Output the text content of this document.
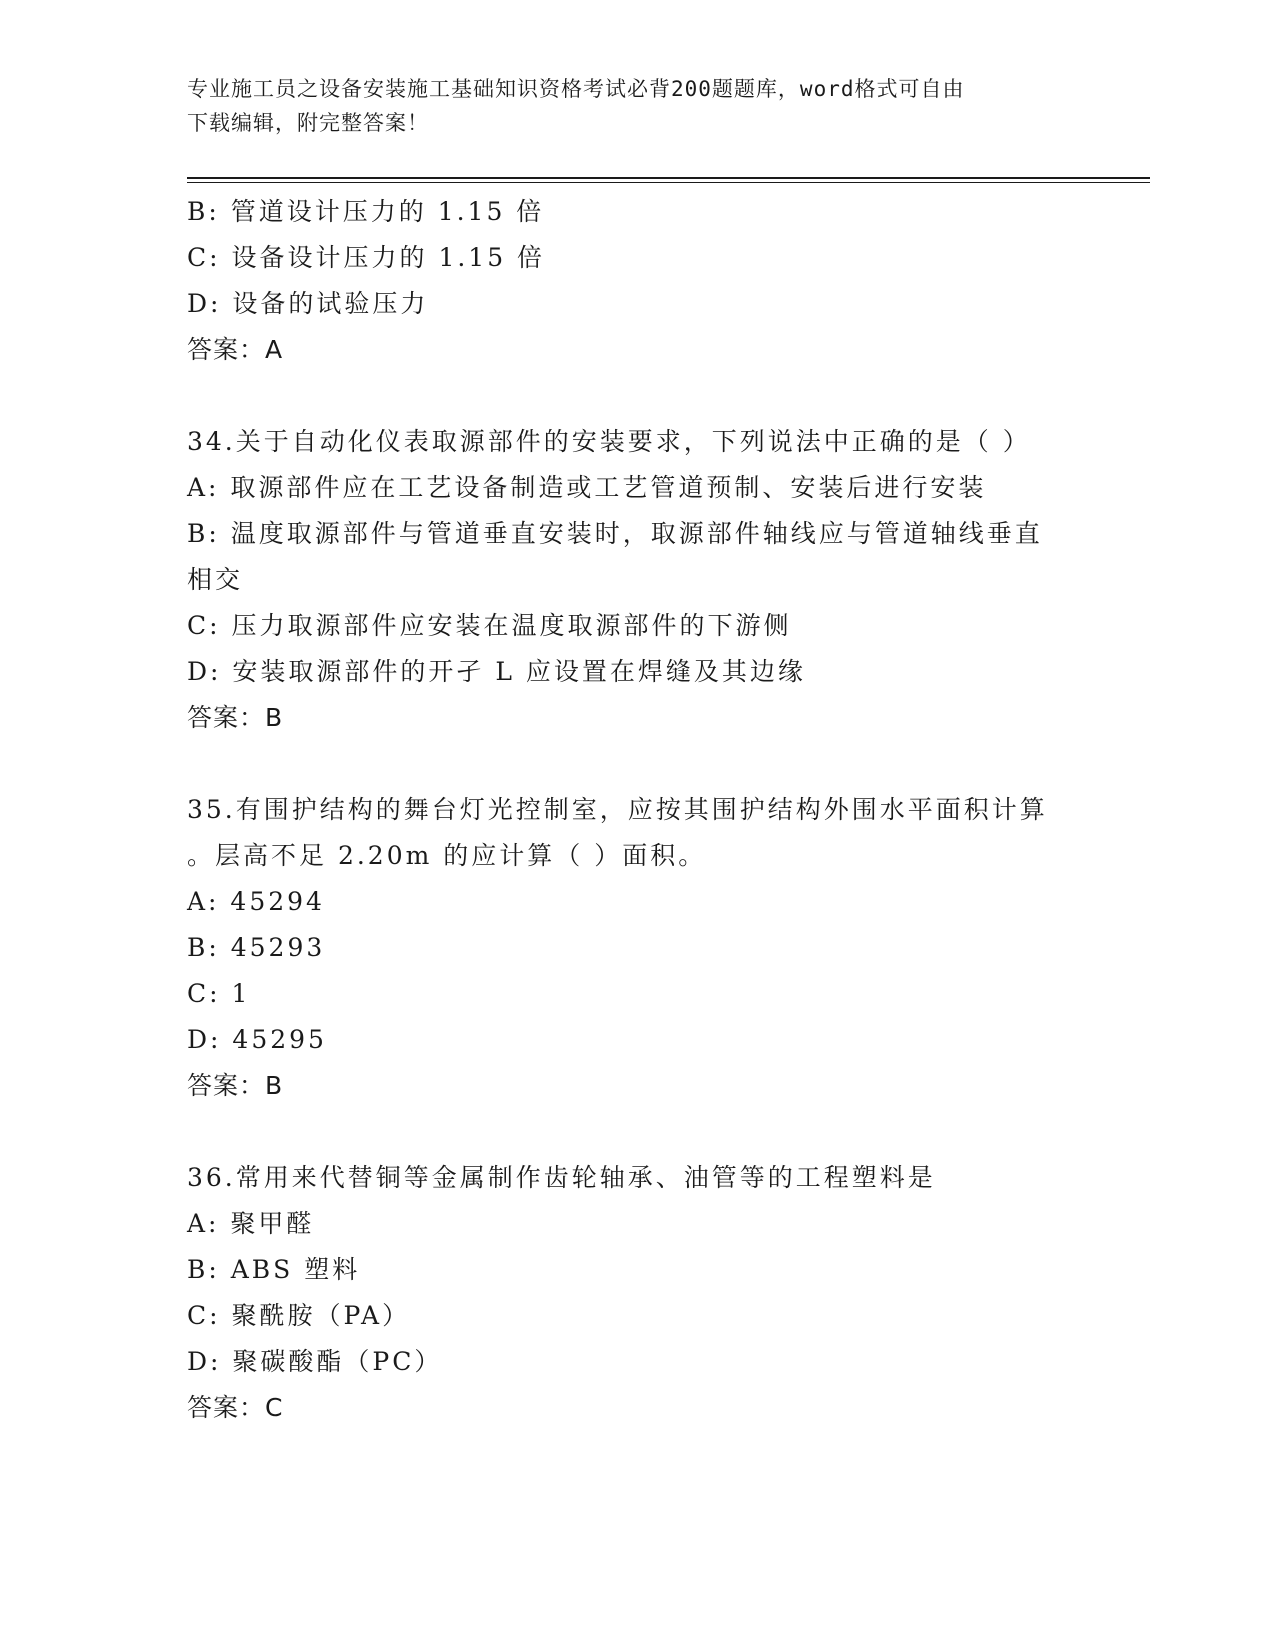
专业施工员之设备安装施工基础知识资格考试必背200题题库，word格式可自由
下载编辑，附完整答案！
B: 管道设计压力的 1.15 倍
C: 设备设计压力的 1.15 倍
D: 设备的试验压力
答案：A
34.关于自动化仪表取源部件的安装要求，下列说法中正确的是（ ）
A: 取源部件应在工艺设备制造或工艺管道预制、安装后进行安装
B: 温度取源部件与管道垂直安装时，取源部件轴线应与管道轴线垂直
相交
C: 压力取源部件应安装在温度取源部件的下游侧
D: 安装取源部件的开孑 L 应设置在焊缝及其边缘
答案：B
35.有围护结构的舞台灯光控制室，应按其围护结构外围水平面积计算
。层高不足 2.20m 的应计算（ ）面积。
A: 45294
B: 45293
C: 1
D: 45295
答案：B
36.常用来代替铜等金属制作齿轮轴承、油管等的工程塑料是
A: 聚甲醛
B: ABS 塑料
C: 聚酰胺（PA）
D: 聚碳酸酯（PC）
答案：C
